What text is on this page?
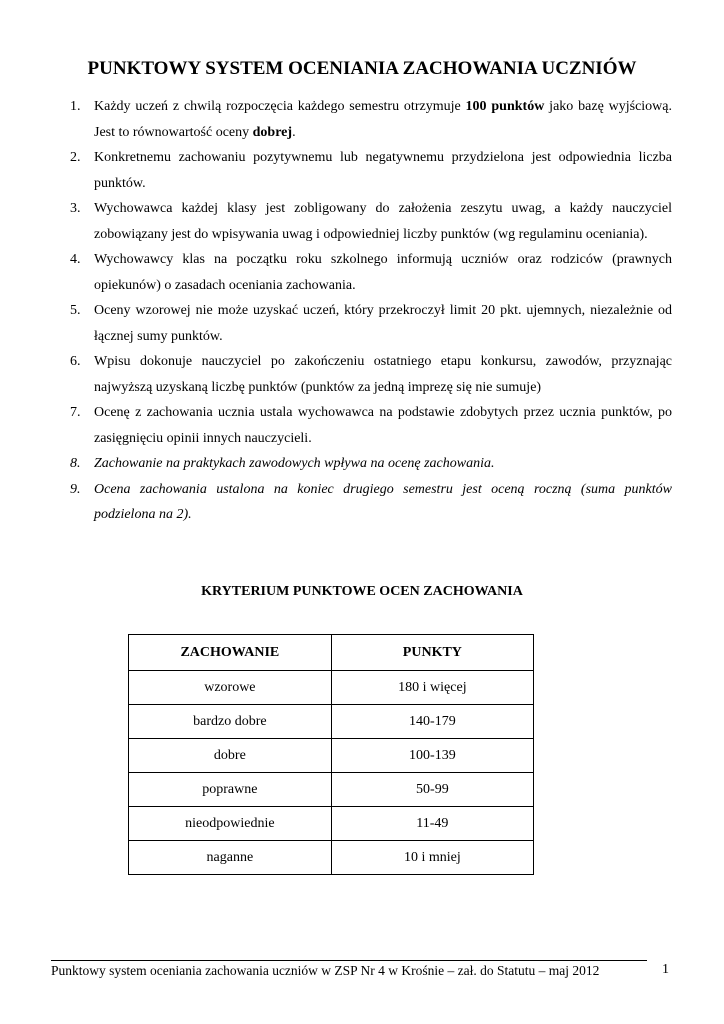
PUNKTOWY SYSTEM OCENIANIA ZACHOWANIA UCZNIÓW
1. Każdy uczeń z chwilą rozpoczęcia każdego semestru otrzymuje 100 punktów jako bazę wyjściową. Jest to równowartość oceny dobrej.
2. Konkretnemu zachowaniu pozytywnemu lub negatywnemu przydzielona jest odpowiednia liczba punktów.
3. Wychowawca każdej klasy jest zobligowany do założenia zeszytu uwag, a każdy nauczyciel zobowiązany jest do wpisywania uwag i odpowiedniej liczby punktów (wg regulaminu oceniania).
4. Wychowawcy klas na początku roku szkolnego informują uczniów oraz rodziców (prawnych opiekunów) o zasadach oceniania zachowania.
5. Oceny wzorowej nie może uzyskać uczeń, który przekroczył limit 20 pkt. ujemnych, niezależnie od łącznej sumy punktów.
6. Wpisu dokonuje nauczyciel po zakończeniu ostatniego etapu konkursu, zawodów, przyznając najwyższą uzyskaną liczbę punktów (punktów za jedną imprezę się nie sumuje)
7. Ocenę z zachowania ucznia ustala wychowawca na podstawie zdobytych przez ucznia punktów, po zasięgnięciu opinii innych nauczycieli.
8. Zachowanie na praktykach zawodowych wpływa na ocenę zachowania.
9. Ocena zachowania ustalona na koniec drugiego semestru jest oceną roczną (suma punktów podzielona na 2).
KRYTERIUM PUNKTOWE OCEN ZACHOWANIA
ZACHOWANIE	PUNKTY
wzorowe	180 i więcej
bardzo dobre	140-179
dobre	100-139
poprawne	50-99
nieodpowiednie	11-49
naganne	10 i mniej
Punktowy system oceniania zachowania uczniów w ZSP Nr 4 w Krośnie – zał. do Statutu – maj 2012	1
